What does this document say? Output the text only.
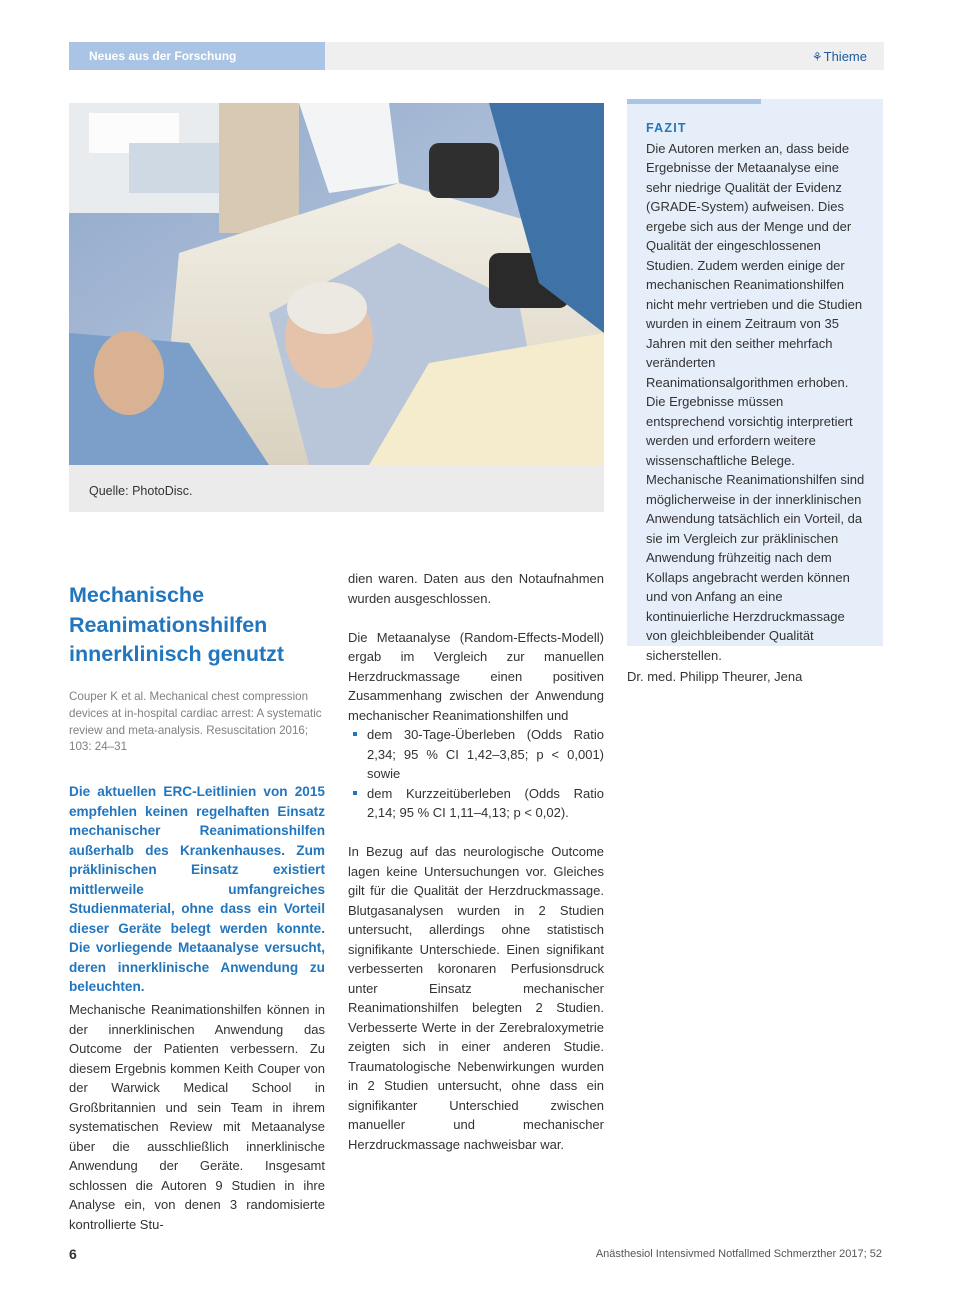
Neues aus der Forschung	⚘Thieme
Quelle: PhotoDisc.
FAZIT
Die Autoren merken an, dass beide Ergebnisse der Metaanalyse eine sehr niedrige Qualität der Evidenz (GRADE-System) aufweisen. Dies ergebe sich aus der Menge und der Qualität der eingeschlossenen Studien. Zudem werden einige der mechanischen Reanimationshilfen nicht mehr vertrieben und die Studien wurden in einem Zeitraum von 35 Jahren mit den seither mehrfach veränderten Reanimationsalgorithmen erhoben. Die Ergebnisse müssen entsprechend vorsichtig interpretiert werden und erfordern weitere wissenschaftliche Belege. Mechanische Reanimationshilfen sind möglicherweise in der innerklinischen Anwendung tatsächlich ein Vorteil, da sie im Vergleich zur präklinischen Anwendung frühzeitig nach dem Kollaps angebracht werden können und von Anfang an eine kontinuierliche Herzdruckmassage von gleichbleibender Qualität sicherstellen.
Dr. med. Philipp Theurer, Jena
Mechanische Reanimationshilfen innerklinisch genutzt
Couper K et al. Mechanical chest compression devices at in-hospital cardiac arrest: A systematic review and meta-analysis. Resuscitation 2016; 103: 24–31
Die aktuellen ERC-Leitlinien von 2015 empfehlen keinen regelhaften Einsatz mechanischer Reanimationshilfen außerhalb des Krankenhauses. Zum präklinischen Einsatz existiert mittlerweile umfangreiches Studienmaterial, ohne dass ein Vorteil dieser Geräte belegt werden konnte. Die vorliegende Metaanalyse versucht, deren innerklinische Anwendung zu beleuchten.
Mechanische Reanimationshilfen können in der innerklinischen Anwendung das Outcome der Patienten verbessern. Zu diesem Ergebnis kommen Keith Couper von der Warwick Medical School in Großbritannien und sein Team in ihrem systematischen Review mit Metaanalyse über die ausschließlich innerklinische Anwendung der Geräte. Insgesamt schlossen die Autoren 9 Studien in ihre Analyse ein, von denen 3 randomisierte kontrollierte Stu-

dien waren. Daten aus den Notaufnahmen wurden ausgeschlossen.

Die Metaanalyse (Random-Effects-Modell) ergab im Vergleich zur manuellen Herzdruckmassage einen positiven Zusammenhang zwischen der Anwendung mechanischer Reanimationshilfen und

dem 30-Tage-Überleben (Odds Ratio 2,34; 95 % CI 1,42–3,85; p < 0,001) sowie
dem Kurzzeitüberleben (Odds Ratio 2,14; 95 % CI 1,11–4,13; p < 0,02).

In Bezug auf das neurologische Outcome lagen keine Untersuchungen vor. Gleiches gilt für die Qualität der Herzdruckmassage. Blutgasanalysen wurden in 2 Studien untersucht, allerdings ohne statistisch signifikante Unterschiede. Einen signifikant verbesserten koronaren Perfusionsdruck unter Einsatz mechanischer Reanimationshilfen belegten 2 Studien. Verbesserte Werte in der Zerebraloxymetrie zeigten sich in einer anderen Studie. Traumatologische Nebenwirkungen wurden in 2 Studien untersucht, ohne dass ein signifikanter Unterschied zwischen manueller und mechanischer Herzdruckmassage nachweisbar war.

6	Anästhesiol Intensivmed Notfallmed Schmerzther 2017; 52
